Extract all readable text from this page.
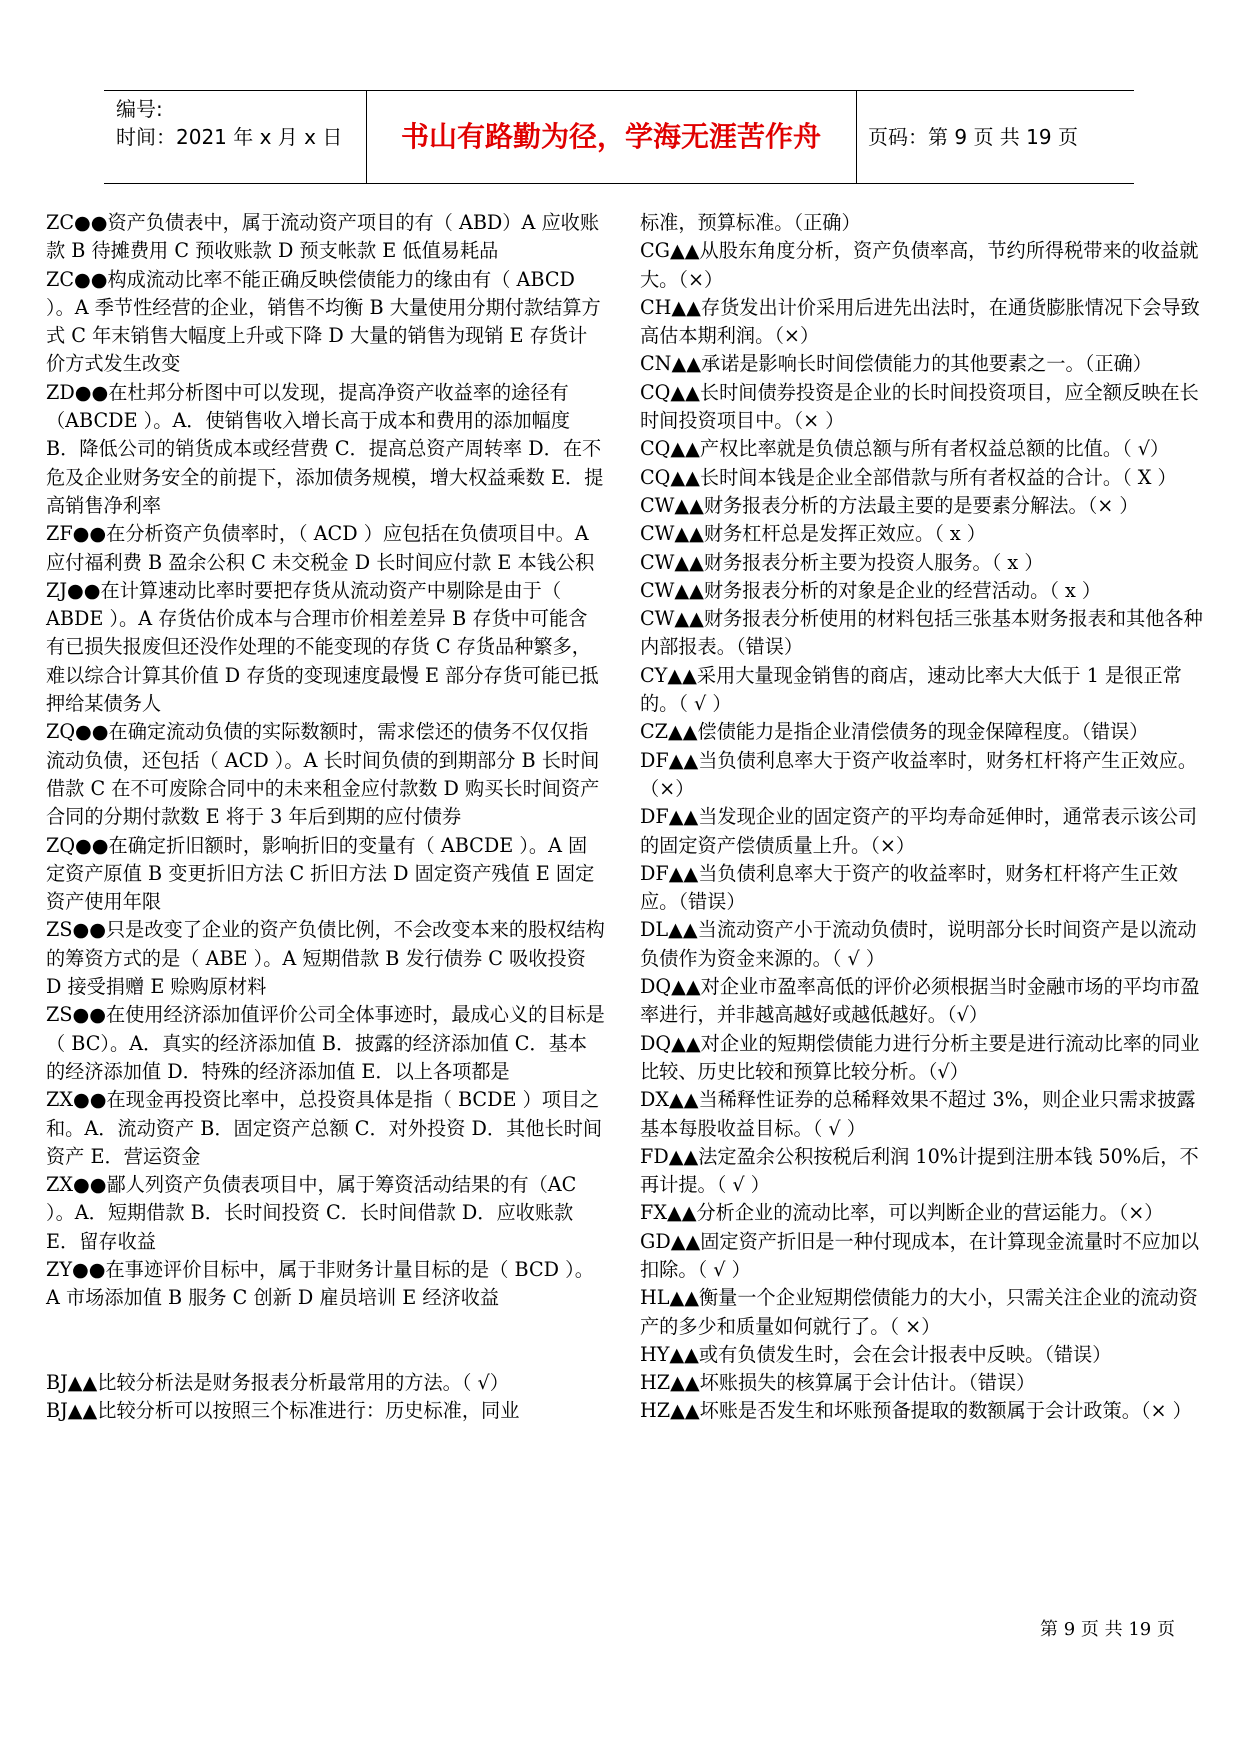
编号:
时间：2021 年 x 月 x 日	书山有路勤为径，学海无涯苦作舟	页码：第 9 页 共 19 页

ZC●●资产负债表中，属于流动资产项目的有（ ABD）A 应收账款 B 待摊费用 C 预收账款 D 预支帐款 E 低值易耗品

ZC●●构成流动比率不能正确反映偿债能力的缘由有（ ABCD ）。A 季节性经营的企业，销售不均衡 B 大量使用分期付款结算方式 C 年末销售大幅度上升或下降 D 大量的销售为现销 E 存货计价方式发生改变

ZD●●在杜邦分析图中可以发现，提高净资产收益率的途径有（ABCDE ）。A．使销售收入增长高于成本和费用的添加幅度 B．降低公司的销货成本或经营费 C．提高总资产周转率 D．在不危及企业财务安全的前提下，添加债务规模，增大权益乘数 E．提高销售净利率

ZF●●在分析资产负债率时，（ ACD ）应包括在负债项目中。A 应付福利费 B 盈余公积 C 未交税金 D 长时间应付款 E 本钱公积

ZJ●●在计算速动比率时要把存货从流动资产中剔除是由于（ ABDE ）。A 存货估价成本与合理市价相差差异 B 存货中可能含有已损失报废但还没作处理的不能变现的存货 C 存货品种繁多，难以综合计算其价值 D 存货的变现速度最慢 E 部分存货可能已抵押给某债务人

ZQ●●在确定流动负债的实际数额时，需求偿还的债务不仅仅指流动负债，还包括（ ACD ）。A 长时间负债的到期部分 B 长时间借款 C 在不可废除合同中的未来租金应付款数 D 购买长时间资产合同的分期付款数 E 将于 3 年后到期的应付债券

ZQ●●在确定折旧额时，影响折旧的变量有（ ABCDE ）。A 固定资产原值 B 变更折旧方法 C 折旧方法 D 固定资产残值 E 固定资产使用年限

ZS●●只是改变了企业的资产负债比例，不会改变本来的股权结构的筹资方式的是（ ABE ）。A 短期借款 B 发行债券 C 吸收投资 D 接受捐赠 E 赊购原材料

ZS●●在使用经济添加值评价公司全体事迹时，最成心义的目标是（ BC）。A．真实的经济添加值 B．披露的经济添加值 C．基本的经济添加值 D．特殊的经济添加值 E．以上各项都是

ZX●●在现金再投资比率中，总投资具体是指（ BCDE ）项目之和。A．流动资产 B．固定资产总额 C．对外投资 D．其他长时间资产 E．营运资金

ZX●●鄙人列资产负债表项目中，属于筹资活动结果的有（AC ）。A．短期借款 B．长时间投资 C．长时间借款 D．应收账款 E．留存收益

ZY●●在事迹评价目标中，属于非财务计量目标的是（ BCD ）。A 市场添加值 B 服务 C 创新 D 雇员培训 E 经济收益

BJ▲▲比较分析法是财务报表分析最常用的方法。（ √）

BJ▲▲比较分析可以按照三个标准进行：历史标准，同业

标准，预算标准。（正确）

CG▲▲从股东角度分析，资产负债率高，节约所得税带来的收益就大。（×）

CH▲▲存货发出计价采用后进先出法时，在通货膨胀情况下会导致高估本期利润。（×）

CN▲▲承诺是影响长时间偿债能力的其他要素之一。（正确）

CQ▲▲长时间债券投资是企业的长时间投资项目，应全额反映在长时间投资项目中。（× ）

CQ▲▲产权比率就是负债总额与所有者权益总额的比值。（ √）

CQ▲▲长时间本钱是企业全部借款与所有者权益的合计。（ X ）

CW▲▲财务报表分析的方法最主要的是要素分解法。（× ）

CW▲▲财务杠杆总是发挥正效应。（ x ）

CW▲▲财务报表分析主要为投资人服务。（ x ）

CW▲▲财务报表分析的对象是企业的经营活动。（ x ）

CW▲▲财务报表分析使用的材料包括三张基本财务报表和其他各种内部报表。（错误）

CY▲▲采用大量现金销售的商店，速动比率大大低于 1 是很正常的。（ √ ）

CZ▲▲偿债能力是指企业清偿债务的现金保障程度。（错误）

DF▲▲当负债利息率大于资产收益率时，财务杠杆将产生正效应。（×）

DF▲▲当发现企业的固定资产的平均寿命延伸时，通常表示该公司的固定资产偿债质量上升。（×）

DF▲▲当负债利息率大于资产的收益率时，财务杠杆将产生正效应。（错误）

DL▲▲当流动资产小于流动负债时，说明部分长时间资产是以流动负债作为资金来源的。（ √ ）

DQ▲▲对企业市盈率高低的评价必须根据当时金融市场的平均市盈率进行，并非越高越好或越低越好。（√）

DQ▲▲对企业的短期偿债能力进行分析主要是进行流动比率的同业比较、历史比较和预算比较分析。（√）

DX▲▲当稀释性证券的总稀释效果不超过 3%，则企业只需求披露基本每股收益目标。（ √ ）

FD▲▲法定盈余公积按税后利润 10%计提到注册本钱 50%后，不再计提。（ √ ）

FX▲▲分析企业的流动比率，可以判断企业的营运能力。（×）

GD▲▲固定资产折旧是一种付现成本，在计算现金流量时不应加以扣除。（ √ ）

HL▲▲衡量一个企业短期偿债能力的大小，只需关注企业的流动资产的多少和质量如何就行了。（ ×）

HY▲▲或有负债发生时，会在会计报表中反映。（错误）

HZ▲▲坏账损失的核算属于会计估计。（错误）

HZ▲▲坏账是否发生和坏账预备提取的数额属于会计政策。（× ）

第 9 页 共 19 页
